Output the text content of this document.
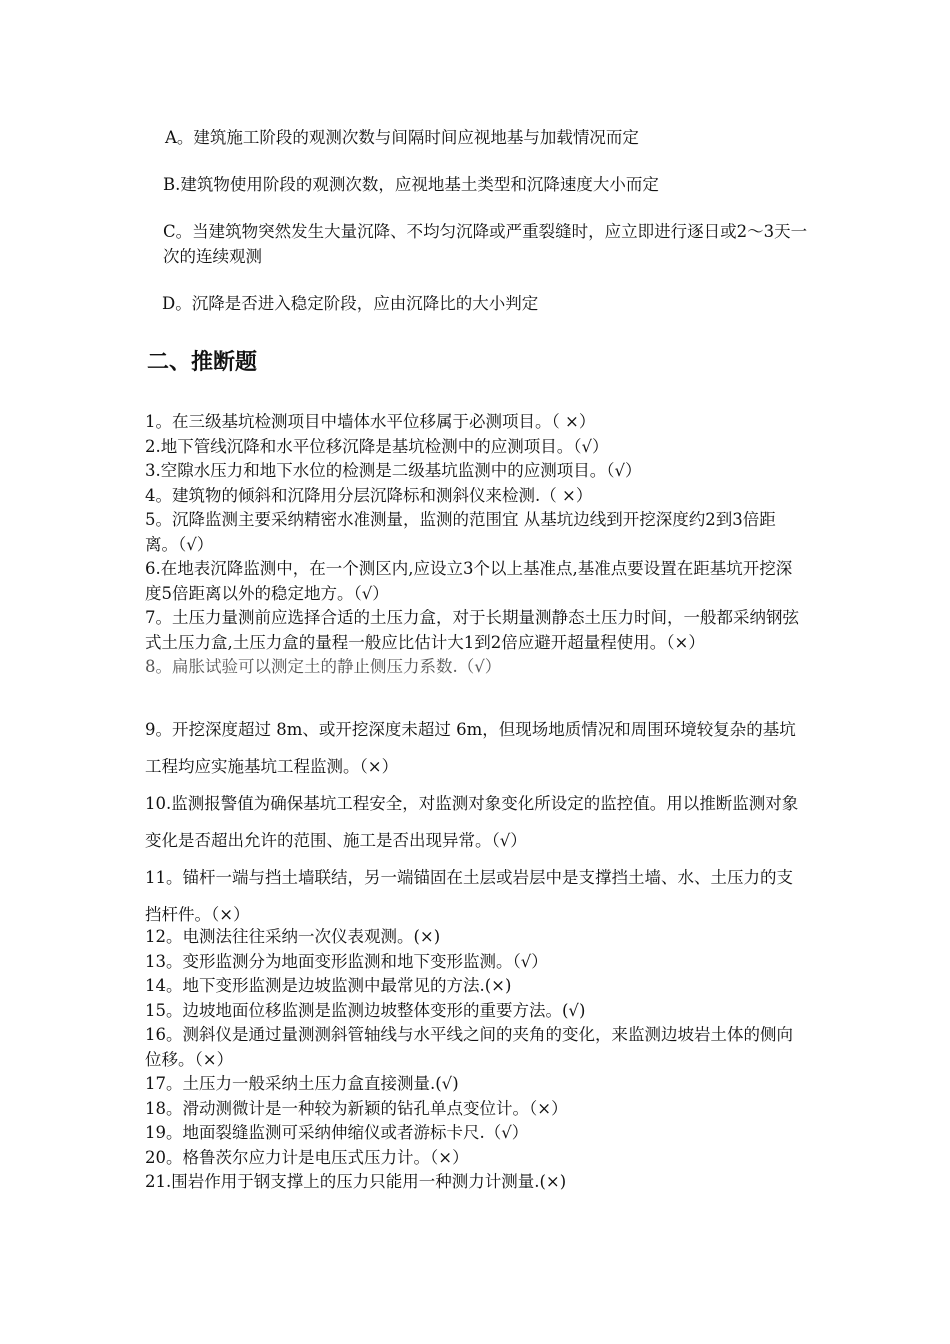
A。建筑施工阶段的观测次数与间隔时间应视地基与加载情况而定
B.建筑物使用阶段的观测次数，应视地基土类型和沉降速度大小而定
C。当建筑物突然发生大量沉降、不均匀沉降或严重裂缝时，应立即进行逐日或2～3天一次的连续观测
D。沉降是否进入稳定阶段，应由沉降比的大小判定
二、推断题

1。在三级基坑检测项目中墙体水平位移属于必测项目。（ ×）

2.地下管线沉降和水平位移沉降是基坑检测中的应测项目。（√）

3.空隙水压力和地下水位的检测是二级基坑监测中的应测项目。（√）

4。建筑物的倾斜和沉降用分层沉降标和测斜仪来检测.（ ×）

5。沉降监测主要采纳精密水准测量，监测的范围宜 从基坑边线到开挖深度约2到3倍距离。（√）

6.在地表沉降监测中，在一个测区内,应设立3个以上基准点,基准点要设置在距基坑开挖深度5倍距离以外的稳定地方。（√）

7。土压力量测前应选择合适的土压力盒，对于长期量测静态土压力时间，一般都采纳钢弦式土压力盒,土压力盒的量程一般应比估计大1到2倍应避开超量程使用。（×）

8。扁胀试验可以测定土的静止侧压力系数.（√）

9。开挖深度超过 8m、或开挖深度未超过 6m，但现场地质情况和周围环境较复杂的基坑工程均应实施基坑工程监测。（×）

10.监测报警值为确保基坑工程安全，对监测对象变化所设定的监控值。用以推断监测对象变化是否超出允许的范围、施工是否出现异常。（√）

11。锚杆一端与挡土墙联结，另一端锚固在土层或岩层中是支撑挡土墙、水、土压力的支挡杆件。（×）

12。电测法往往采纳一次仪表观测。(×)

13。变形监测分为地面变形监测和地下变形监测。（√）

14。地下变形监测是边坡监测中最常见的方法.(×)

15。边坡地面位移监测是监测边坡整体变形的重要方法。(√)

16。测斜仪是通过量测测斜管轴线与水平线之间的夹角的变化，来监测边坡岩土体的侧向位移。（×）

17。土压力一般采纳土压力盒直接测量.(√)

18。滑动测微计是一种较为新颖的钻孔单点变位计。（×）

19。地面裂缝监测可采纳伸缩仪或者游标卡尺.（√）

20。格鲁茨尔应力计是电压式压力计。（×）

21.围岩作用于钢支撑上的压力只能用一种测力计测量.(×)
